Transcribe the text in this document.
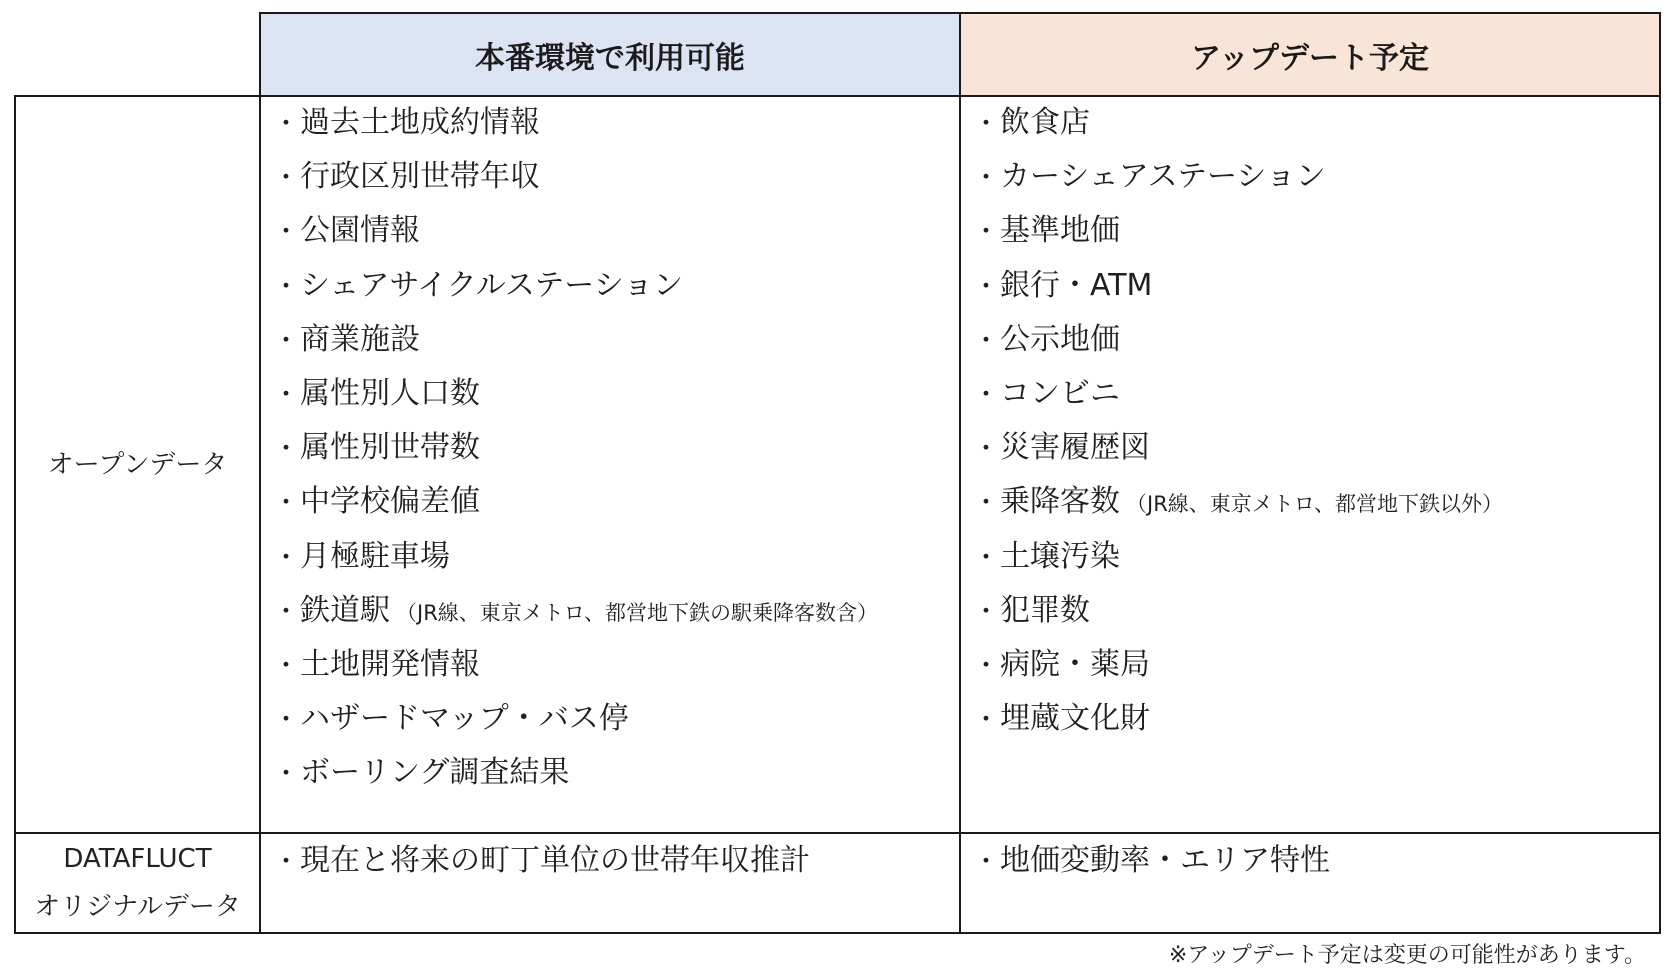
本番環境で利用可能	アップデート予定
オープンデータ
・過去土地成約情報
・行政区別世帯年収
・公園情報
・シェアサイクルステーション
・商業施設
・属性別人口数
・属性別世帯数
・中学校偏差値
・月極駐車場
・鉄道駅 （JR線、東京メトロ、都営地下鉄の駅乗降客数含）
・土地開発情報
・ハザードマップ・バス停
・ボーリング調査結果
・飲食店
・カーシェアステーション
・基準地価
・銀行・ATM
・公示地価
・コンビニ
・災害履歴図
・乗降客数 （JR線、東京メトロ、都営地下鉄以外）
・土壌汚染
・犯罪数
・病院・薬局
・埋蔵文化財
DATAFLUCT
オリジナルデータ
・現在と将来の町丁単位の世帯年収推計	・地価変動率・エリア特性
※アップデート予定は変更の可能性があります。
